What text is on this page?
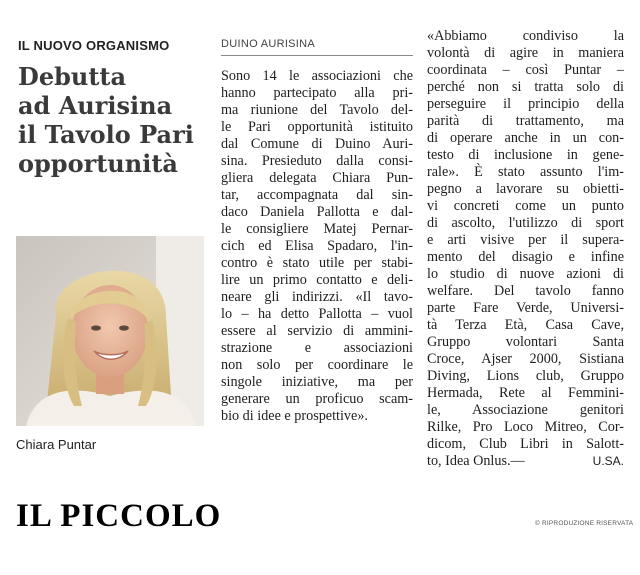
IL NUOVO ORGANISMO
Debutta
ad Aurisina
il Tavolo Pari
opportunità
Chiara Puntar
IL PICCOLO
DUINO AURISINA
Sono 14 le associazioni che
hanno partecipato alla pri-
ma riunione del Tavolo del-
le Pari opportunità istituito
dal Comune di Duino Auri-
sina. Presieduto dalla consi-
gliera delegata Chiara Pun-
tar, accompagnata dal sin-
daco Daniela Pallotta e dal-
le consigliere Matej Pernar-
cich ed Elisa Spadaro, l'in-
contro è stato utile per stabi-
lire un primo contatto e deli-
neare gli indirizzi. «Il tavo-
lo – ha detto Pallotta – vuol
essere al servizio di ammini-
strazione e associazioni
non solo per coordinare le
singole iniziative, ma per
generare un proficuo scam-
bio di idee e prospettive».
«Abbiamo condiviso la
volontà di agire in maniera
coordinata – così Puntar –
perché non si tratta solo di
perseguire il principio della
parità di trattamento, ma
di operare anche in un con-
testo di inclusione in gene-
rale». È stato assunto l'im-
pegno a lavorare su obietti-
vi concreti come un punto
di ascolto, l'utilizzo di sport
e arti visive per il supera-
mento del disagio e infine
lo studio di nuove azioni di
welfare. Del tavolo fanno
parte Fare Verde, Universi-
tà Terza Età, Casa Cave,
Gruppo volontari Santa
Croce, Ajser 2000, Sistiana
Diving, Lions club, Gruppo
Hermada, Rete al Femmini-
le, Associazione genitori
Rilke, Pro Loco Mitreo, Cor-
dicom, Club Libri in Salott-
to, Idea Onlus.—	U.SA.
© RIPRODUZIONE RISERVATA
